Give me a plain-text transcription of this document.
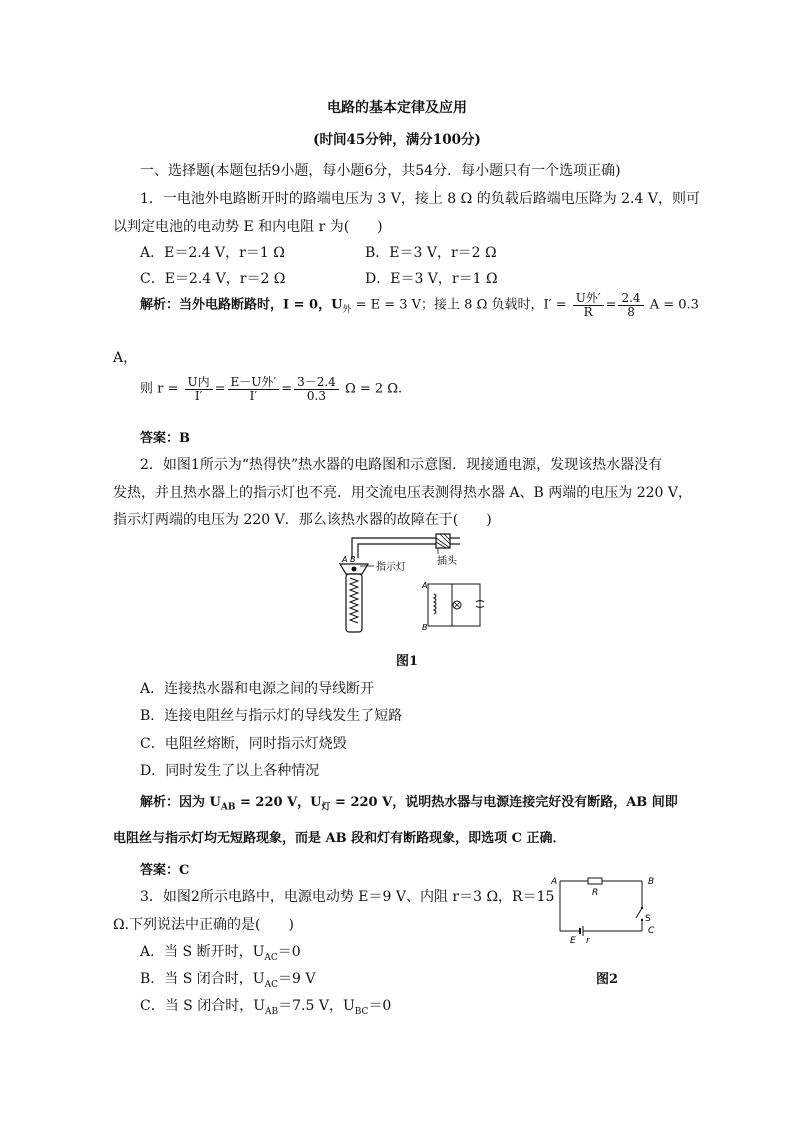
电路的基本定律及应用
(时间45分钟，满分100分)
一、选择题(本题包括9小题，每小题6分，共54分．每小题只有一个选项正确)
1．一电池外电路断开时的路端电压为 3 V，接上 8 Ω 的负载后路端电压降为 2.4 V，则可
以判定电池的电动势 E 和内电阻 r 为(　　)
A．E＝2.4 V，r＝1 Ω	B．E＝3 V，r＝2 Ω
C．E＝2.4 V，r＝2 Ω	D．E＝3 V，r＝1 Ω
解析：当外电路断路时，I = 0，$U_外 = E = 3$ V；接上 8 Ω 负载时，I′ = U外′
$R = \frac{2.4}{8}$ A = 0.3
A，
则 r = U内
I′ = E－U外′
I′	= $\frac{3-2.4}{0.3}$ Ω = 2 Ω.
答案：B
2．如图1所示为“热得快”热水器的电路图和示意图．现接通电源，发现该热水器没有
发热，并且热水器上的指示灯也不亮．用交流电压表测得热水器 A、B 两端的电压为 220 V，
指示灯两端的电压为 220 V．那么该热水器的故障在于(　　)
插头
A B
指示灯
A
B
图1
A．连接热水器和电源之间的导线断开
B．连接电阻丝与指示灯的导线发生了短路
C．电阻丝熔断，同时指示灯烧毁
D．同时发生了以上各种情况
解析：因为 $U_{AB} = 220$ V，$U_灯 = 220$ V，说明热水器与电源连接完好没有断路，AB 间即
电阻丝与指示灯均无短路现象，而是 AB 段和灯有断路现象，即选项 C 正确．
答案：C
3．如图2所示电路中，电源电动势 E＝9 V、内阻 r＝3 Ω，R＝15
Ω.下列说法中正确的是(　　)
A．当 S 断开时，$U_{AC}=0$
B．当 S 闭合时，$U_{AC}=9$ V
C．当 S 闭合时，$U_{AB}=7.5$ V，$U_{BC}=0$
A	B
C
R
S
E r
图2
